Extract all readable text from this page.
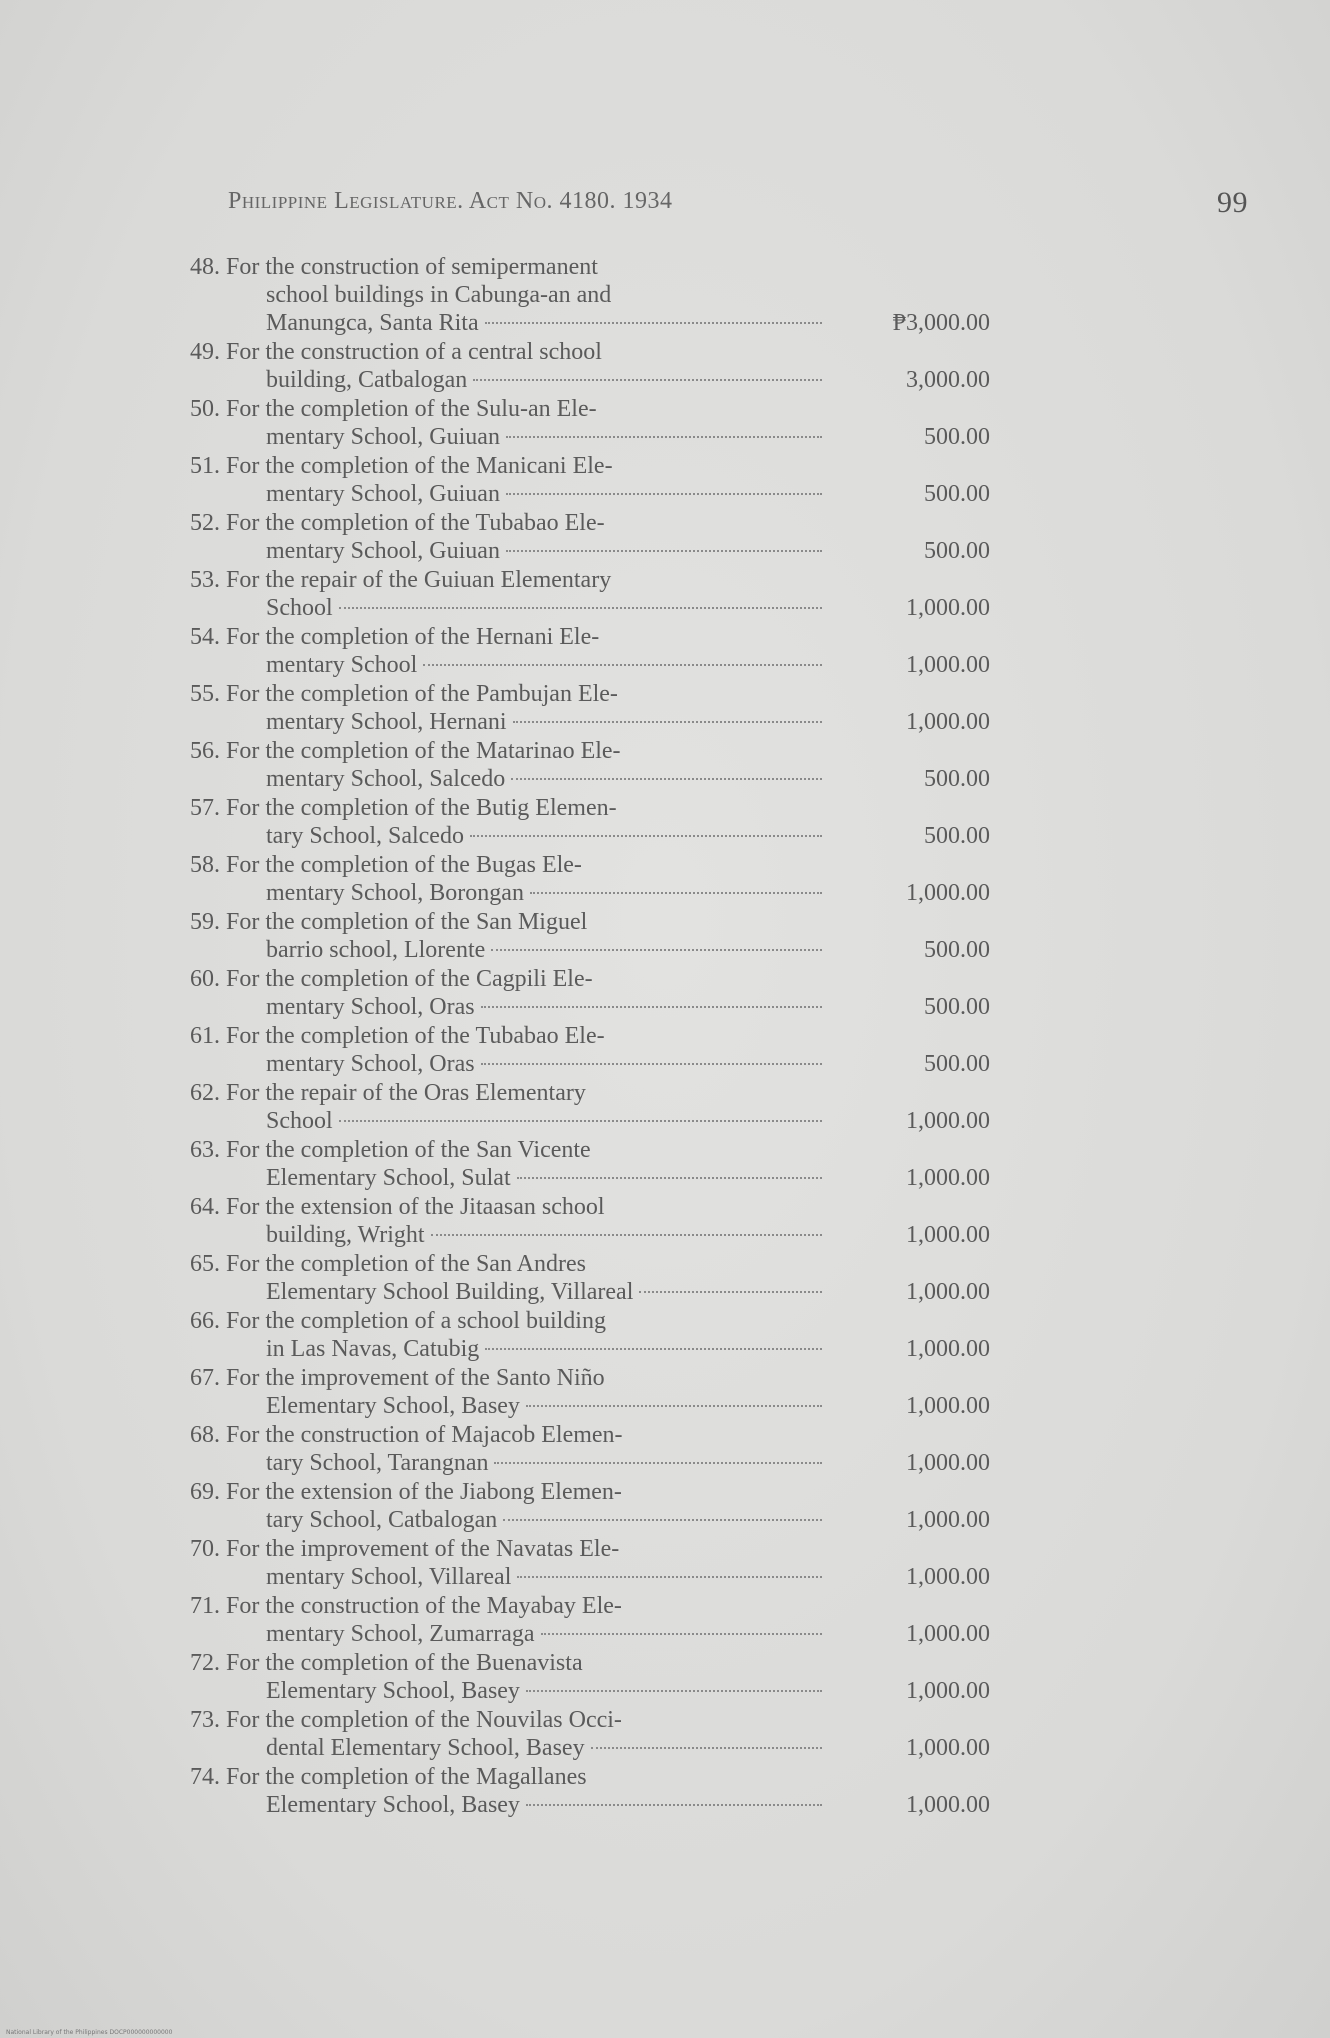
Philippine Legislature. Act No. 4180. 1934	99
48. For the construction of semipermanent
school buildings in Cabunga-an and
Manungca, Santa Rita	₱3,000.00
49. For the construction of a central school
building, Catbalogan	3,000.00
50. For the completion of the Sulu-an Ele-
mentary School, Guiuan	500.00
51. For the completion of the Manicani Ele-
mentary School, Guiuan	500.00
52. For the completion of the Tubabao Ele-
mentary School, Guiuan	500.00
53. For the repair of the Guiuan Elementary
School	1,000.00
54. For the completion of the Hernani Ele-
mentary School	1,000.00
55. For the completion of the Pambujan Ele-
mentary School, Hernani	1,000.00
56. For the completion of the Matarinao Ele-
mentary School, Salcedo	500.00
57. For the completion of the Butig Elemen-
tary School, Salcedo	500.00
58. For the completion of the Bugas Ele-
mentary School, Borongan	1,000.00
59. For the completion of the San Miguel
barrio school, Llorente	500.00
60. For the completion of the Cagpili Ele-
mentary School, Oras	500.00
61. For the completion of the Tubabao Ele-
mentary School, Oras	500.00
62. For the repair of the Oras Elementary
School	1,000.00
63. For the completion of the San Vicente
Elementary School, Sulat	1,000.00
64. For the extension of the Jitaasan school
building, Wright	1,000.00
65. For the completion of the San Andres
Elementary School Building, Villareal	1,000.00
66. For the completion of a school building
in Las Navas, Catubig	1,000.00
67. For the improvement of the Santo Niño
Elementary School, Basey	1,000.00
68. For the construction of Majacob Elemen-
tary School, Tarangnan	1,000.00
69. For the extension of the Jiabong Elemen-
tary School, Catbalogan	1,000.00
70. For the improvement of the Navatas Ele-
mentary School, Villareal	1,000.00
71. For the construction of the Mayabay Ele-
mentary School, Zumarraga	1,000.00
72. For the completion of the Buenavista
Elementary School, Basey	1,000.00
73. For the completion of the Nouvilas Occi-
dental Elementary School, Basey	1,000.00
74. For the completion of the Magallanes
Elementary School, Basey	1,000.00
National Library of the Philippines DOCP000000000000
